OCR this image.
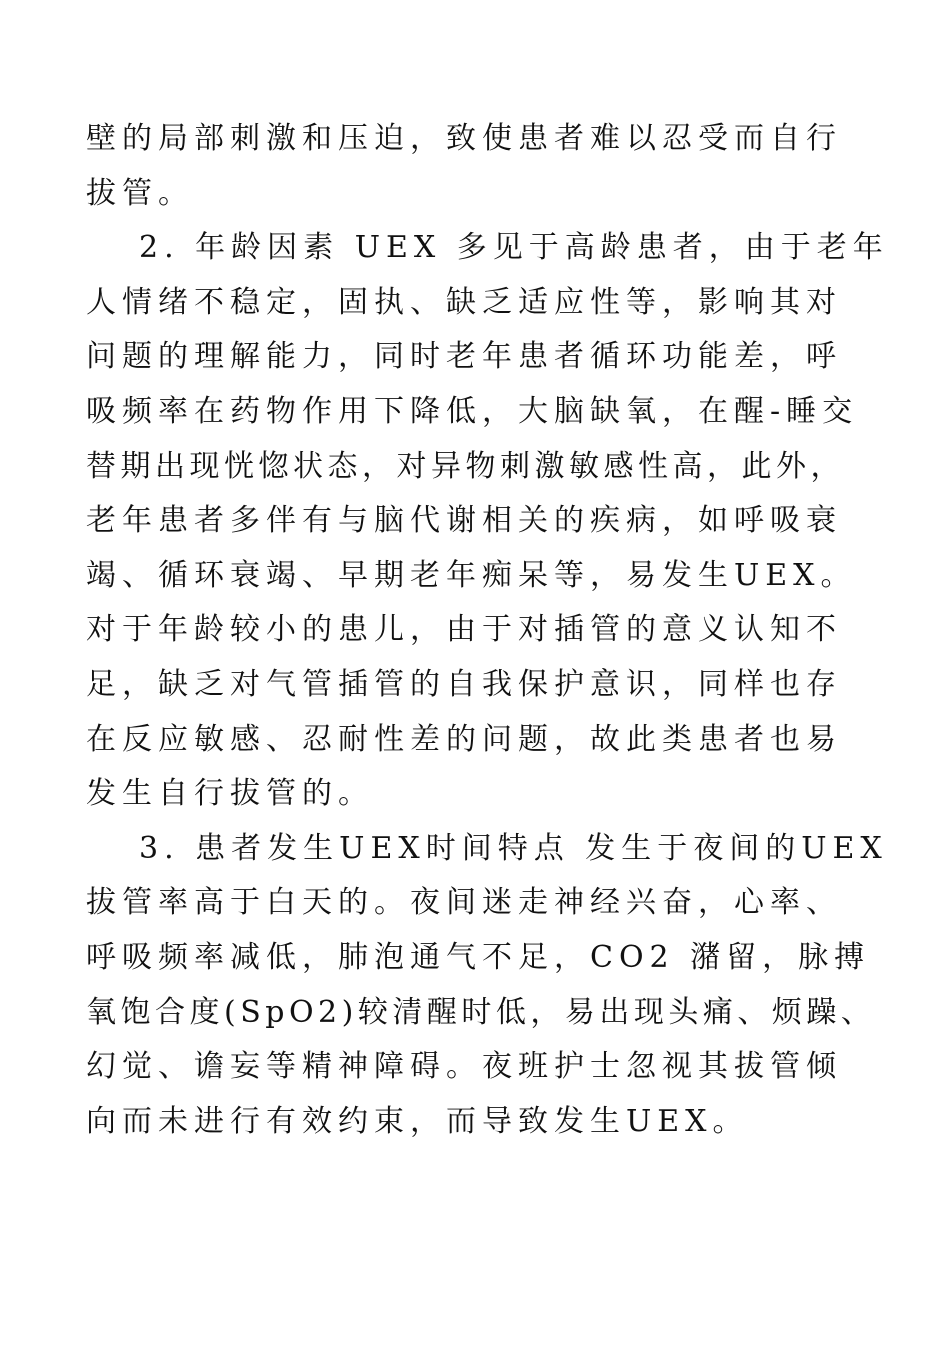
壁的局部刺激和压迫，致使患者难以忍受而自行
拔管。
2. 年龄因素 UEX 多见于高龄患者，由于老年
人情绪不稳定，固执、缺乏适应性等，影响其对
问题的理解能力，同时老年患者循环功能差，呼
吸频率在药物作用下降低，大脑缺氧，在醒-睡交
替期出现恍惚状态，对异物刺激敏感性高，此外，
老年患者多伴有与脑代谢相关的疾病，如呼吸衰
竭、循环衰竭、早期老年痴呆等，易发生UEX。
对于年龄较小的患儿，由于对插管的意义认知不
足，缺乏对气管插管的自我保护意识，同样也存
在反应敏感、忍耐性差的问题，故此类患者也易
发生自行拔管的。
3. 患者发生UEX时间特点 发生于夜间的UEX
拔管率高于白天的。夜间迷走神经兴奋，心率、
呼吸频率减低，肺泡通气不足，CO2 潴留，脉搏
氧饱合度(SpO2)较清醒时低，易出现头痛、烦躁、
幻觉、谵妄等精神障碍。夜班护士忽视其拔管倾
向而未进行有效约束，而导致发生UEX。
